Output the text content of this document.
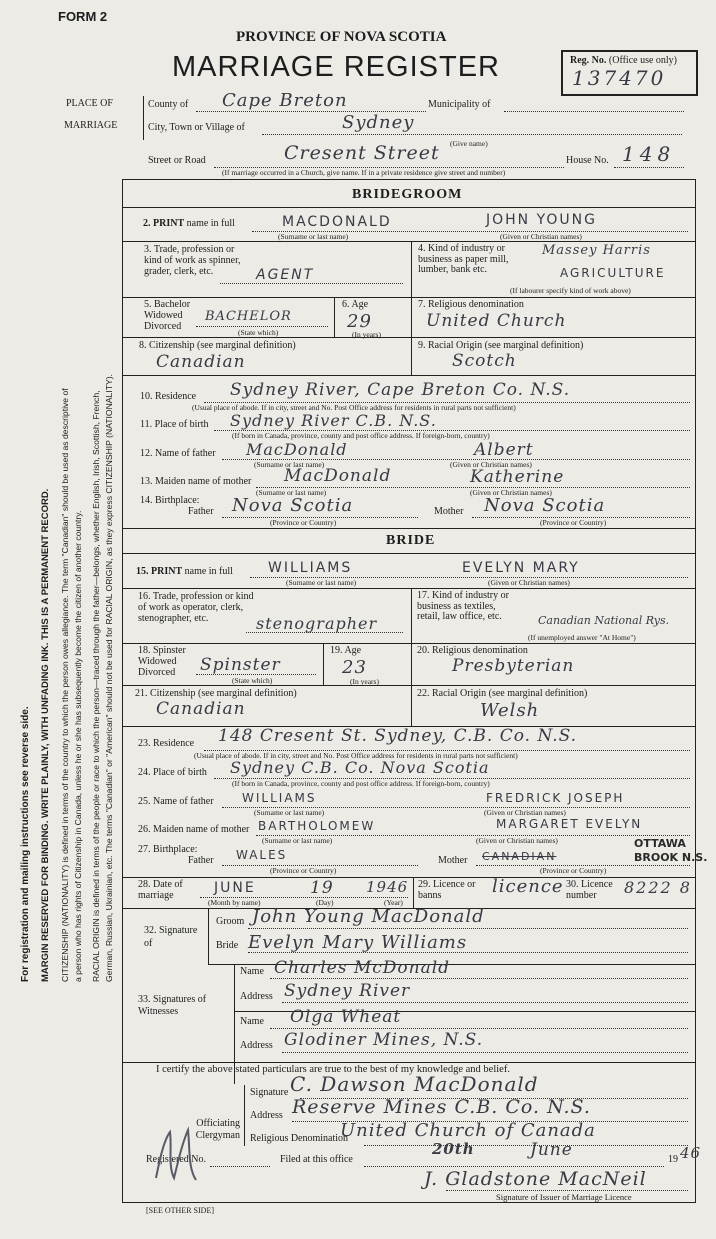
FORM 2
PROVINCE OF NOVA SCOTIA
MARRIAGE REGISTER	Reg. No. (Office use only)
137470
PLACE OF
MARRIAGE
County of Cape Breton	Municipality of
City, Town or Village of	Sydney
(Give name)
Street or Road	Cresent Street	House No. 148
(If marriage occurred in a Church, give name. If in a private residence give street and number)
For registration and mailing instructions see reverse side. MARGIN RESERVED FOR BINDING. WRITE PLAINLY, WITH UNFADING INK. THIS IS A PERMANENT RECORD. CITIZENSHIP (NATIONALITY) is defined in terms of the country to which the person owes allegiance. The term "Canadian" should be used as descriptive of a person who has rights of Citizenship in Canada, unless he or she has subsequently become the citizen of another country. RACIAL ORIGIN is defined in terms of the people or race to which the person—traced through the father—belongs, whether English, Irish, Scottish, French, German, Russian, Ukrainian, etc. The terms "Canadian" or "American" should not be used for RACIAL ORIGIN, as they express CITIZENSHIP (NATIONALITY).
BRIDEGROOM
2. PRINT name in full	MACDONALD	JOHN YOUNG
(Surname or last name)	(Given or Christian names)
3. Trade, profession or kind of work as spinner, grader, clerk, etc.	AGENT
4. Kind of industry or business as paper mill, lumber, bank etc.
Massey Harris
AGRICULTURE
(If labourer specify kind of work above)
5. Bachelor Widowed Divorced
BACHELOR
(State which)
6. Age
29
(In years)
7. Religious denomination
United Church
8. Citizenship (see marginal definition)
Canadian
9. Racial Origin (see marginal definition)
Scotch
10. Residence Sydney River, Cape Breton Co. N.S.
(Usual place of abode. If in city, street and No. Post Office address for residents in rural parts not sufficient)
11. Place of birth Sydney River C.B. N.S.
(If born in Canada, province, county and post office address. If foreign-born, country)
12. Name of father MacDonald	Albert
(Surname or last name)	(Given or Christian names)
13. Maiden name of mother MacDonald	Katherine
(Surname or last name)	(Given or Christian names)
14. Birthplace:
Father Nova Scotia
(Province or Country)
Mother Nova Scotia
(Province or Country)
BRIDE
15. PRINT name in full	WILLIAMS	EVELYN MARY
(Surname or last name)	(Given or Christian names)
16. Trade, profession or kind of work as operator, clerk, stenographer, etc.	stenographer
17. Kind of industry or business as textiles, retail, law office, etc.	Canadian National Rys.
(If unemployed answer "At Home")
18. Spinster Widowed Divorced	Spinster
(State which)
19. Age
23
(In years)
20. Religious denomination
Presbyterian
21. Citizenship (see marginal definition)
Canadian
22. Racial Origin (see marginal definition)
Welsh
23. Residence 148 Cresent St. Sydney, C.B. Co. N.S.
(Usual place of abode. If in city, street and No. Post Office address for residents in rural parts not sufficient)
24. Place of birth Sydney C.B. Co. Nova Scotia
(If born in Canada, province, county and post office address. If foreign-born, country)
25. Name of father WILLIAMS	FREDRICK JOSEPH
(Surname or last name)	(Given or Christian names)
26. Maiden name of mother BARTHOLOMEW	MARGARET EVELYN
(Surname or last name)	(Given or Christian names)
27. Birthplace:
Father WALES
(Province or Country)
Mother CANADIAN
OTTAWA
BROOK N.S.
(Province or Country)
28. Date of marriage	JUNE	19 1946
(Month by name)	(Day)	(Year)
29. Licence or banns	licence 30. Licence number	8222 8
32. Signature of
Groom John Young MacDonald
Bride Evelyn Mary Williams
33. Signatures of Witnesses
Name Charles McDonald
Address Sydney River
Name Olga Wheat
Address Glodiner Mines, N.S.
I certify the above stated particulars are true to the best of my knowledge and belief.
Officiating Clergyman
Signature C. Dawson MacDonald
Address Reserve Mines C.B. Co. N.S.
Religious Denomination
United Church of Canada
Registered No.	Filed at this office
20th	June	19 46
J. Gladstone MacNeil
Signature of Issuer of Marriage Licence
[SEE OTHER SIDE]
